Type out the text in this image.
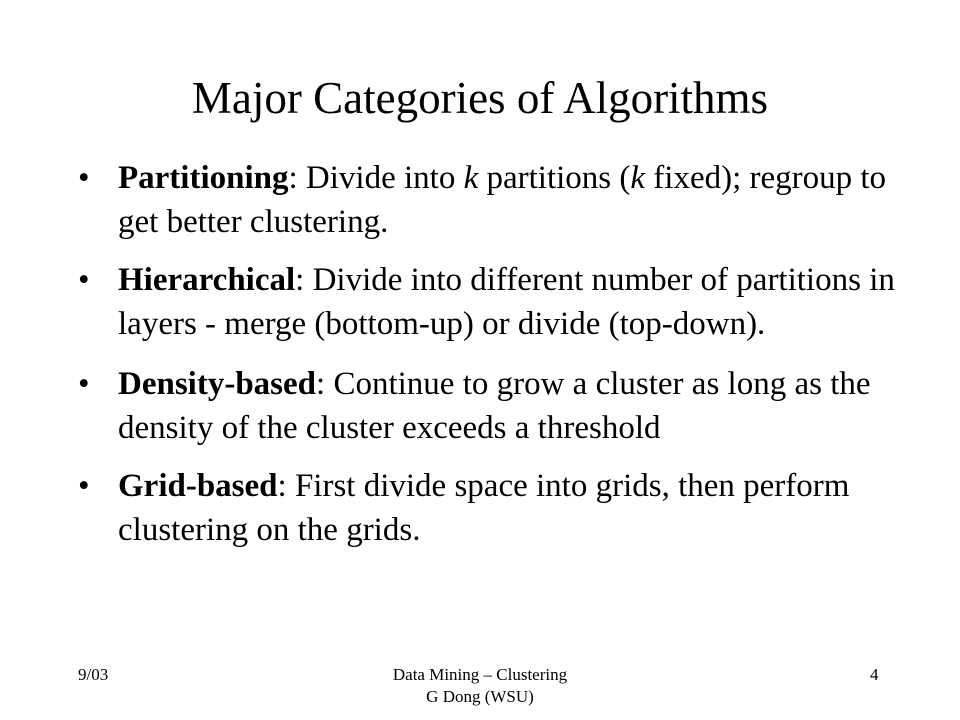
Major Categories of Algorithms
• Partitioning: Divide into k partitions (k fixed); regroup to get better clustering.
• Hierarchical: Divide into different number of partitions in layers - merge (bottom-up) or divide (top-down).
• Density-based: Continue to grow a cluster as long as the density of the cluster exceeds a threshold
• Grid-based: First divide space into grids, then perform clustering on the grids.
9/03	Data Mining – Clustering
G Dong (WSU)
4
